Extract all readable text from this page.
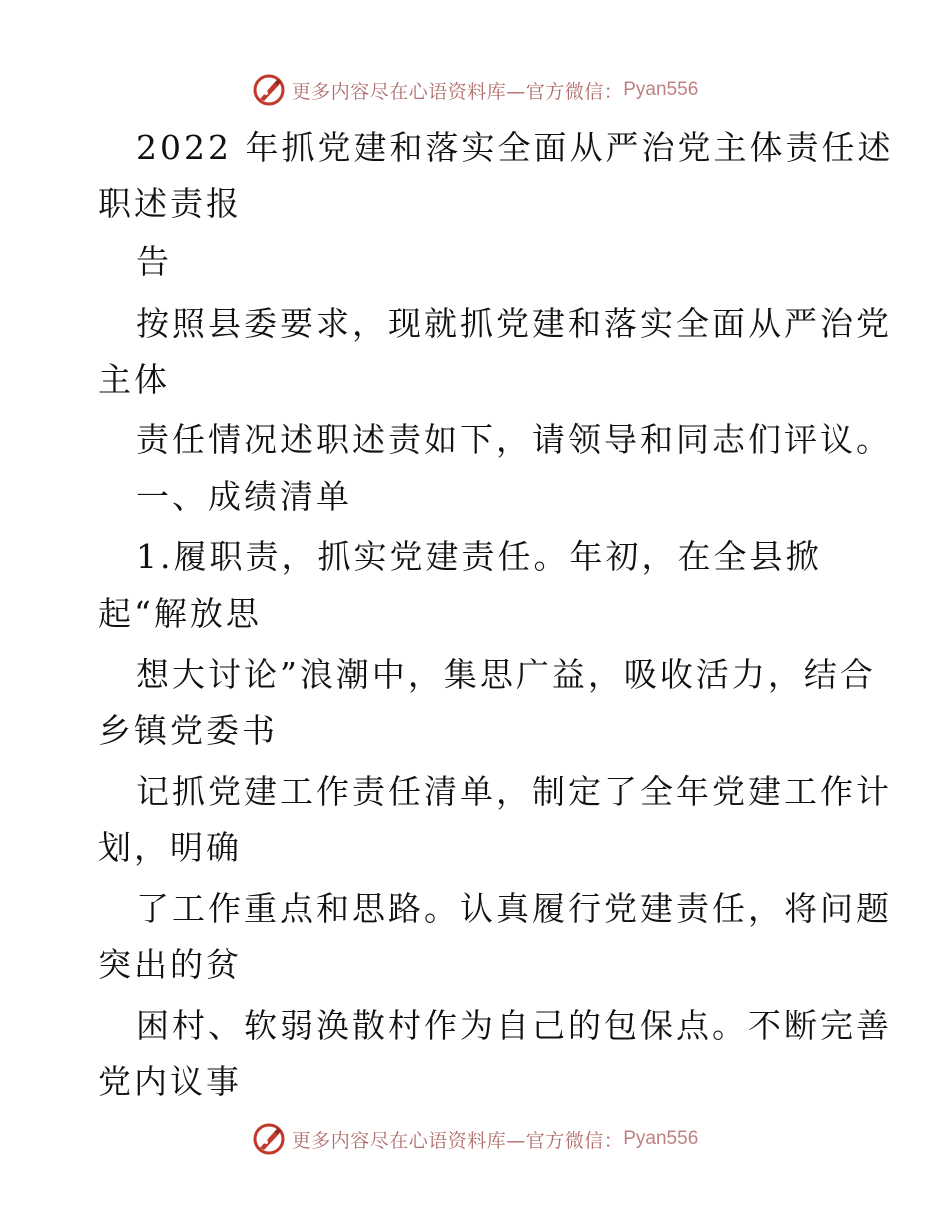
更多内容尽在心语资料库—官方微信： Pyan556
2022 年抓党建和落实全面从严治党主体责任述
职述责报
告
按照县委要求，现就抓党建和落实全面从严治党
主体
责任情况述职述责如下，请领导和同志们评议。
一、成绩清单
1.履职责，抓实党建责任。年初，在全县掀
起“解放思
想大讨论”浪潮中，集思广益，吸收活力，结合
乡镇党委书
记抓党建工作责任清单，制定了全年党建工作计
划，明确
了工作重点和思路。认真履行党建责任，将问题
突出的贫
困村、软弱涣散村作为自己的包保点。不断完善
党内议事
更多内容尽在心语资料库—官方微信： Pyan556
